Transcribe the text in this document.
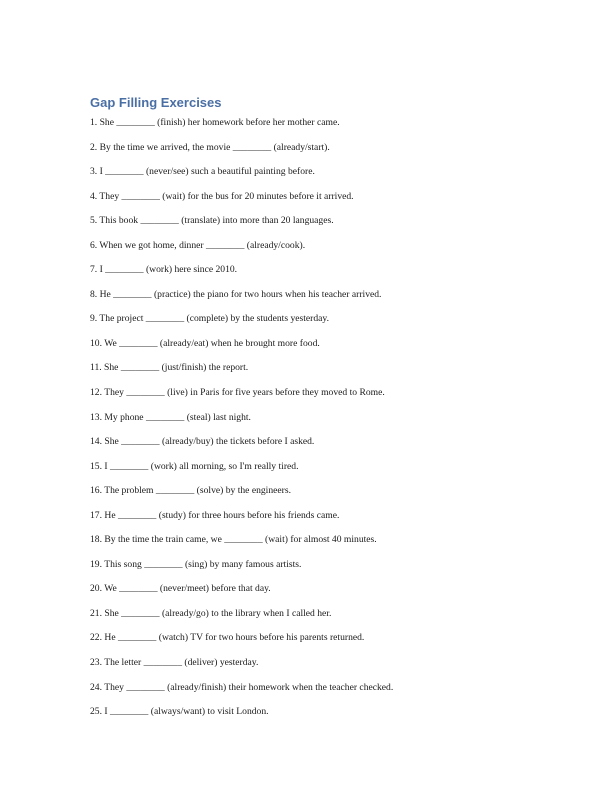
Gap Filling Exercises
1. She ________ (finish) her homework before her mother came.
2. By the time we arrived, the movie ________ (already/start).
3. I ________ (never/see) such a beautiful painting before.
4. They ________ (wait) for the bus for 20 minutes before it arrived.
5. This book ________ (translate) into more than 20 languages.
6. When we got home, dinner ________ (already/cook).
7. I ________ (work) here since 2010.
8. He ________ (practice) the piano for two hours when his teacher arrived.
9. The project ________ (complete) by the students yesterday.
10. We ________ (already/eat) when he brought more food.
11. She ________ (just/finish) the report.
12. They ________ (live) in Paris for five years before they moved to Rome.
13. My phone ________ (steal) last night.
14. She ________ (already/buy) the tickets before I asked.
15. I ________ (work) all morning, so I'm really tired.
16. The problem ________ (solve) by the engineers.
17. He ________ (study) for three hours before his friends came.
18. By the time the train came, we ________ (wait) for almost 40 minutes.
19. This song ________ (sing) by many famous artists.
20. We ________ (never/meet) before that day.
21. She ________ (already/go) to the library when I called her.
22. He ________ (watch) TV for two hours before his parents returned.
23. The letter ________ (deliver) yesterday.
24. They ________ (already/finish) their homework when the teacher checked.
25. I ________ (always/want) to visit London.
